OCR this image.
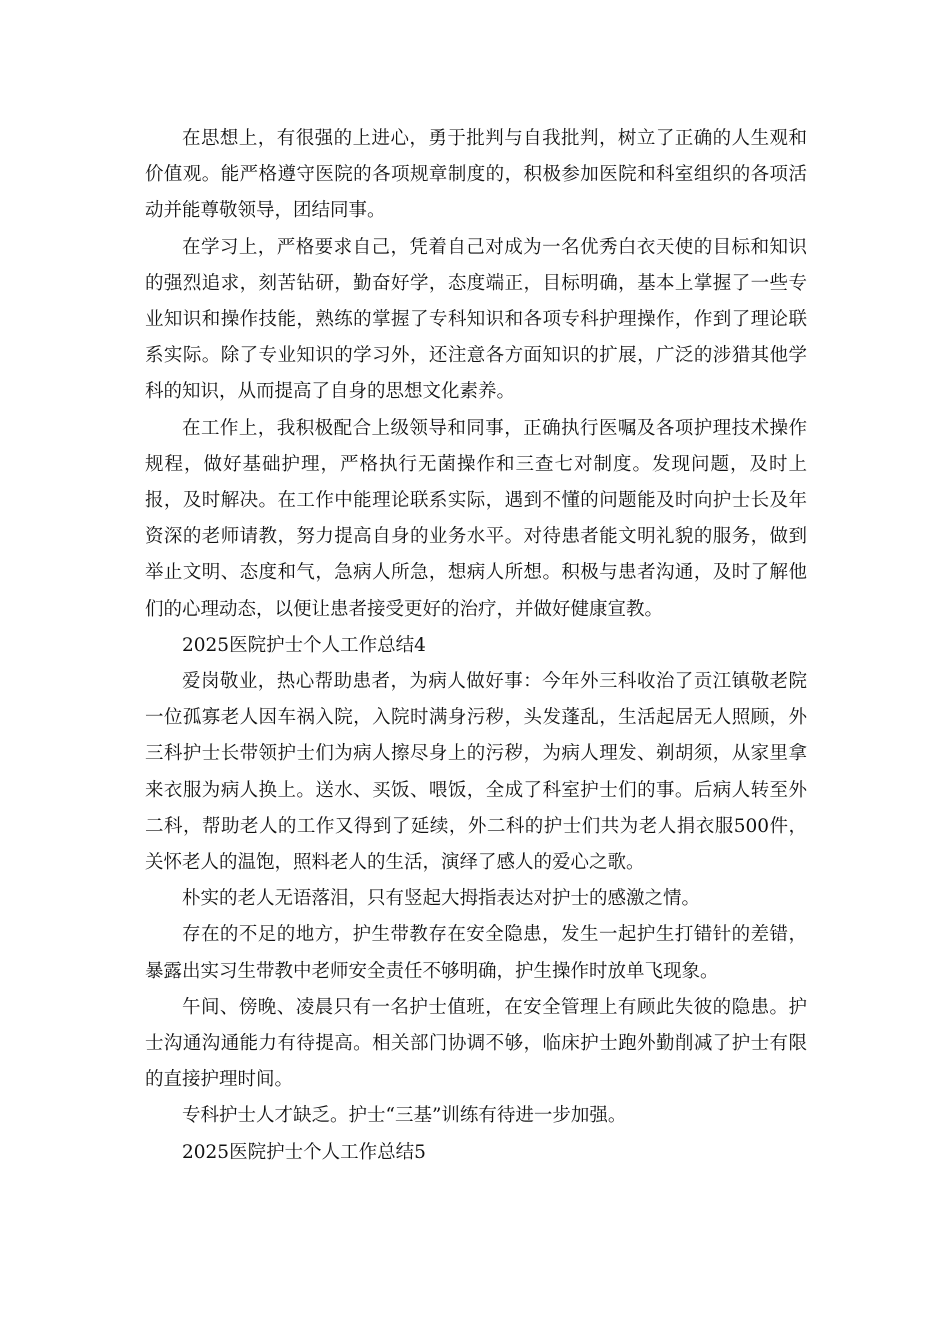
在思想上，有很强的上进心，勇于批判与自我批判，树立了正确的人生观和价值观。能严格遵守医院的各项规章制度的，积极参加医院和科室组织的各项活动并能尊敬领导，团结同事。

在学习上，严格要求自己，凭着自己对成为一名优秀白衣天使的目标和知识的强烈追求，刻苦钻研，勤奋好学，态度端正，目标明确，基本上掌握了一些专业知识和操作技能，熟练的掌握了专科知识和各项专科护理操作，作到了理论联系实际。除了专业知识的学习外，还注意各方面知识的扩展，广泛的涉猎其他学科的知识，从而提高了自身的思想文化素养。

在工作上，我积极配合上级领导和同事，正确执行医嘱及各项护理技术操作规程，做好基础护理，严格执行无菌操作和三查七对制度。发现问题，及时上报，及时解决。在工作中能理论联系实际，遇到不懂的问题能及时向护士长及年资深的老师请教，努力提高自身的业务水平。对待患者能文明礼貌的服务，做到举止文明、态度和气，急病人所急，想病人所想。积极与患者沟通，及时了解他们的心理动态，以便让患者接受更好的治疗，并做好健康宣教。

2025医院护士个人工作总结4

爱岗敬业，热心帮助患者，为病人做好事：今年外三科收治了贡江镇敬老院一位孤寡老人因车祸入院，入院时满身污秽，头发蓬乱，生活起居无人照顾，外三科护士长带领护士们为病人擦尽身上的污秽，为病人理发、剃胡须，从家里拿来衣服为病人换上。送水、买饭、喂饭，全成了科室护士们的事。后病人转至外二科，帮助老人的工作又得到了延续，外二科的护士们共为老人捐衣服500件，关怀老人的温饱，照料老人的生活，演绎了感人的爱心之歌。

朴实的老人无语落泪，只有竖起大拇指表达对护士的感激之情。

存在的不足的地方，护生带教存在安全隐患，发生一起护生打错针的差错，暴露出实习生带教中老师安全责任不够明确，护生操作时放单飞现象。

午间、傍晚、凌晨只有一名护士值班，在安全管理上有顾此失彼的隐患。护士沟通沟通能力有待提高。相关部门协调不够，临床护士跑外勤削减了护士有限的直接护理时间。

专科护士人才缺乏。护士“三基”训练有待进一步加强。

2025医院护士个人工作总结5
